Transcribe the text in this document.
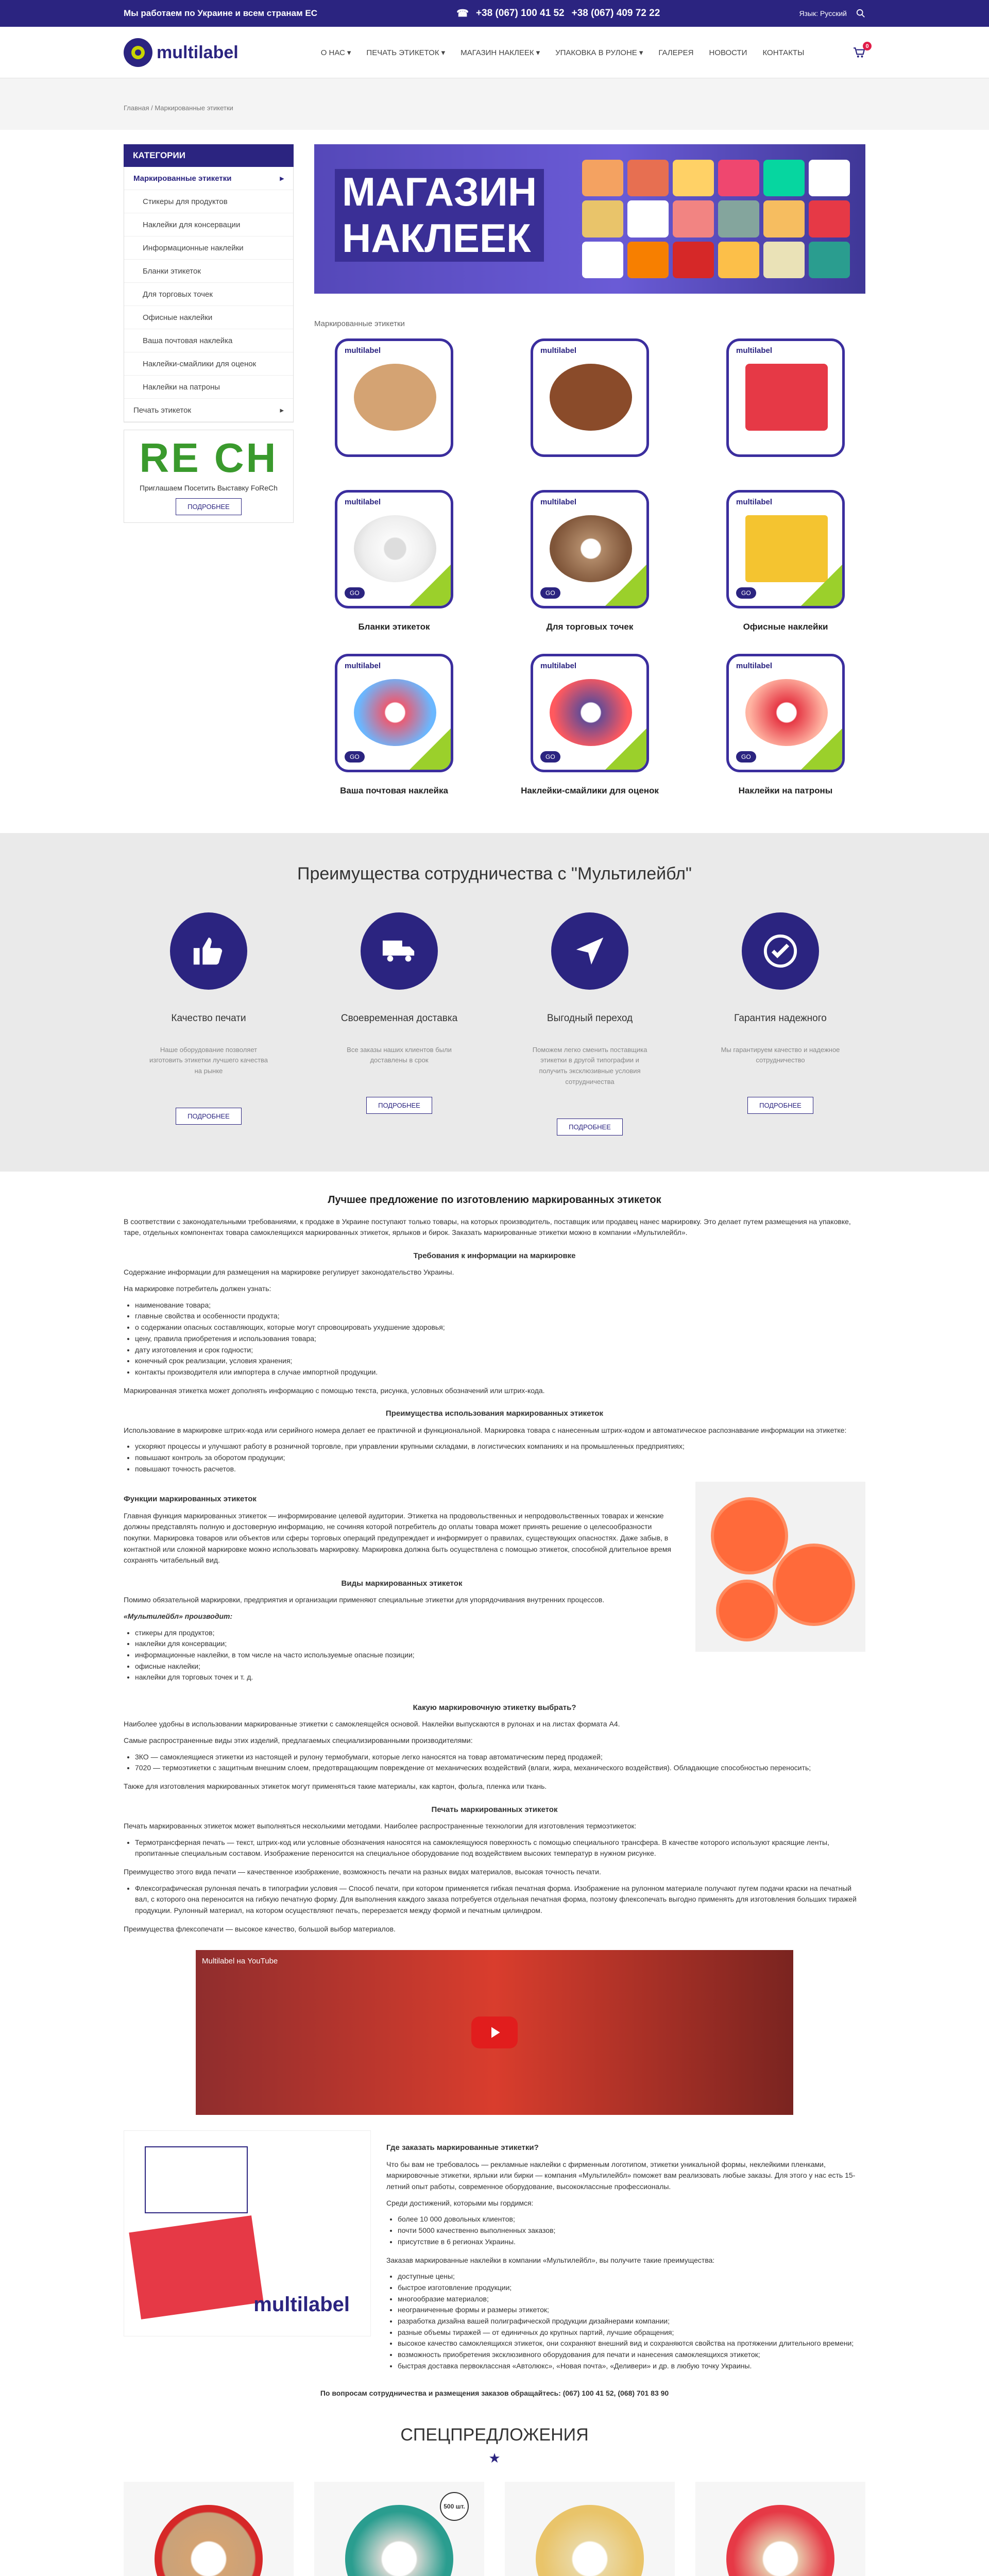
Мы работаем по Украине и всем странам ЕС	☎ +38 (067) 100 41 52 +38 (067) 409 72 22	Язык: Русский
multilabel	О НАС ▾ ПЕЧАТЬ ЭТИКЕТОК ▾ МАГАЗИН НАКЛЕЕК ▾ УПАКОВКА В РУЛОНЕ ▾ ГАЛЕРЕЯ НОВОСТИ КОНТАКТЫ
0
Главная / Маркированные этикетки
КАТЕГОРИИ
Маркированные этикетки	▸
Стикеры для продуктов
Наклейки для консервации
Информационные наклейки
Бланки этикеток
Для торговых точек
Офисные наклейки
Ваша почтовая наклейка
Наклейки-смайлики для оценок
Наклейки на патроны
Печать этикеток	▸
RE CH

Приглашаем Посетить Выставку FoReCh

ПОДРОБНЕЕ
МАГАЗИН
НАКЛЕЕК
Маркированные этикетки
multilabel	multilabel	multilabel
multilabel
GO
Бланки этикеток
multilabel
GO
Для торговых точек
multilabel
GO
Офисные наклейки
multilabel
GO
Ваша почтовая наклейка
multilabel
GO
Наклейки-смайлики для оценок
multilabel
GO
Наклейки на патроны
Преимущества сотрудничества с "Мультилейбл"
Качество печати
Наше оборудование позволяет изготовить этикетки лучшего качества на рынке
ПОДРОБНЕЕ
Своевременная доставка
Все заказы наших клиентов были доставлены в срок
ПОДРОБНЕЕ
Выгодный переход
Поможем легко сменить поставщика этикетки в другой типографии и получить эксклюзивные условия сотрудничества
ПОДРОБНЕЕ
Гарантия надежного
Мы гарантируем качество и надежное сотрудничество
ПОДРОБНЕЕ
Лучшее предложение по изготовлению маркированных этикеток

В соответствии с законодательными требованиями, к продаже в Украине поступают только товары, на которых производитель, поставщик или продавец нанес маркировку. Это делает путем размещения на упаковке, таре, отдельных компонентах товара самоклеящихся маркированных этикеток, ярлыков и бирок. Заказать маркированные этикетки можно в компании «Мультилейбл».

Требования к информации на маркировке

Содержание информации для размещения на маркировке регулирует законодательство Украины.

На маркировке потребитель должен узнать:

• наименование товара;
• главные свойства и особенности продукта;
• о содержании опасных составляющих, которые могут спровоцировать ухудшение здоровья;
• цену, правила приобретения и использования товара;
• дату изготовления и срок годности;
• конечный срок реализации, условия хранения;
• контакты производителя или импортера в случае импортной продукции.

Маркированная этикетка может дополнять информацию с помощью текста, рисунка, условных обозначений или штрих-кода.

Преимущества использования маркированных этикеток

Использование в маркировке штрих-кода или серийного номера делает ее практичной и функциональной. Маркировка товара с нанесенным штрих-кодом и автоматическое распознавание информации на этикетке:

• ускоряют процессы и улучшают работу в розничной торговле, при управлении крупными складами, в логистических компаниях и на промышленных предприятиях;
• повышают контроль за оборотом продукции;
• повышают точность расчетов.
Функции маркированных этикеток

Главная функция маркированных этикеток — информирование целевой аудитории. Этикетка на продовольственных и непродовольственных товарах и женские должны представлять полную и достоверную информацию, не сочиняя которой потребитель до оплаты товара может принять решение о целесообразности покупки. Маркировка товаров или объектов или сферы торговых операций предупреждает и информирует о правилах, существующих опасностях. Даже забыв, в контактной или сложной маркировке можно использовать маркировку. Маркировка должна быть осуществлена с помощью этикеток, способной длительное время сохранять читабельный вид.

Виды маркированных этикеток

Помимо обязательной маркировки, предприятия и организации применяют специальные этикетки для упорядочивания внутренних процессов.

«Мультилейбл» производит:

• стикеры для продуктов;
• наклейки для консервации;
• информационные наклейки, в том числе на часто используемые опасные позиции;
• офисные наклейки;
• наклейки для торговых точек и т. д.
Какую маркировочную этикетку выбрать?

Наиболее удобны в использовании маркированные этикетки с самоклеящейся основой. Наклейки выпускаются в рулонах и на листах формата А4.

Самые распространенные виды этих изделий, предлагаемых специализированными производителями:

• 3КО — самоклеящиеся этикетки из настоящей и рулону термобумаги, которые легко наносятся на товар автоматическим перед продажей;
• 7020 — термоэтикетки с защитным внешним слоем, предотвращающим повреждение от механических воздействий (влаги, жира, механического воздействия). Обладающие способностью переносить;

Также для изготовления маркированных этикеток могут применяться такие материалы, как картон, фольга, пленка или ткань.

Печать маркированных этикеток

Печать маркированных этикеток может выполняться несколькими методами. Наиболее распространенные технологии для изготовления термоэтикеток:

• Термотрансферная печать — текст, штрих-код или условные обозначения наносятся на самоклеящуюся поверхность с помощью специального трансфера. В качестве которого используют красящие ленты, пропитанные специальным составом. Изображение переносится на специальное оборудование под воздействием высоких температур в нужном рисунке.

Преимущество этого вида печати — качественное изображение, возможность печати на разных видах материалов, высокая точность печати.

• Флексографическая рулонная печать в типографии условия — Способ печати, при котором применяется гибкая печатная форма. Изображение на рулонном материале получают путем подачи краски на печатный вал, с которого она переносится на гибкую печатную форму. Для выполнения каждого заказа потребуется отдельная печатная форма, поэтому флексопечать выгодно применять для изготовления больших тиражей продукции. Рулонный материал, на котором осуществляют печать, перерезается между формой и печатным цилиндром.

Преимущества флексопечати — высокое качество, большой выбор материалов.

Multilabel на YouTube
multilabel
Где заказать маркированные этикетки?

Что бы вам не требовалось — рекламные наклейки с фирменным логотипом, этикетки уникальной формы, неклейкими пленками, маркировочные этикетки, ярлыки или бирки — компания «Мультилейбл» поможет вам реализовать любые заказы. Для этого у нас есть 15-летний опыт работы, современное оборудование, высококлассные профессионалы.

Среди достижений, которыми мы гордимся:

• более 10 000 довольных клиентов;
• почти 5000 качественно выполненных заказов;
• присутствие в 6 регионах Украины.

Заказав маркированные наклейки в компании «Мультилейбл», вы получите такие преимущества:

• доступные цены;
• быстрое изготовление продукции;
• многообразие материалов;
• неограниченные формы и размеры этикеток;
• разработка дизайна вашей полиграфической продукции дизайнерами компании;
• разные объемы тиражей — от единичных до крупных партий, лучшие обращения;
• высокое качество самоклеящихся этикеток, они сохраняют внешний вид и сохраняются свойства на протяжении длительного времени;
• возможность приобретения эксклюзивного оборудования для печати и нанесения самоклеящихся этикеток;
• быстрая доставка первоклассная «Автолюкс», «Новая почта», «Деливери» и др. в любую точку Украины.

По вопросам сотрудничества и размещения заказов обращайтесь: (067) 100 41 52, (068) 701 83 90

СПЕЦПРЕДЛОЖЕНИЯ
★
500 шт.
